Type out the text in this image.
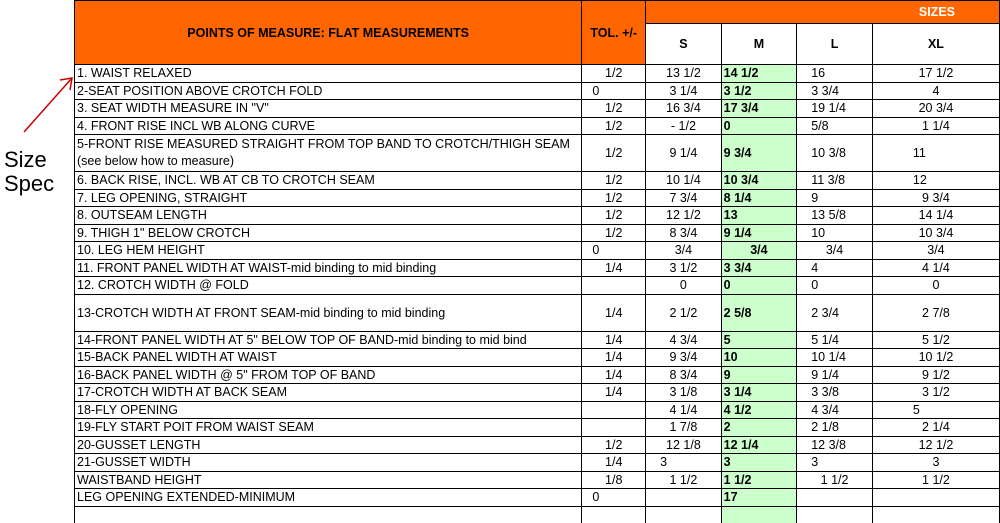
Size
Spec
POINTS OF MEASURE: FLAT MEASUREMENTS	TOL. +/-	SIZES			
		S	M	L	XL
1. WAIST RELAXED	1/2	13 1/2	14 1/2	16	17 1/2
2-SEAT POSITION ABOVE CROTCH FOLD	0	3 1/4	3 1/2	3 3/4	4
3. SEAT WIDTH MEASURE IN "V"	1/2	16 3/4	17 3/4	19 1/4	20 3/4
4. FRONT RISE INCL WB ALONG CURVE	1/2	- 1/2	0	5/8	1 1/4
5-FRONT RISE MEASURED STRAIGHT FROM TOP BAND TO CROTCH/THIGH SEAM (see below how to measure)	1/2	9 1/4	9 3/4	10 3/8	11
6. BACK RISE, INCL. WB AT CB TO CROTCH SEAM	1/2	10 1/4	10 3/4	11 3/8	12
7. LEG OPENING, STRAIGHT	1/2	7 3/4	8 1/4	9	9 3/4
8. OUTSEAM LENGTH	1/2	12 1/2	13	13 5/8	14 1/4
9. THIGH 1" BELOW CROTCH	1/2	8 3/4	9 1/4	10	10 3/4
10. LEG HEM HEIGHT	0	3/4	3/4	3/4	3/4
11. FRONT PANEL WIDTH AT WAIST-mid binding to mid binding	1/4	3 1/2	3 3/4	4	4 1/4
12. CROTCH WIDTH @ FOLD		0	0	0	0
13-CROTCH WIDTH AT FRONT SEAM-mid binding to mid binding	1/4	2 1/2	2 5/8	2 3/4	2 7/8
14-FRONT PANEL WIDTH AT 5" BELOW TOP OF BAND-mid binding to mid bind	1/4	4 3/4	5	5 1/4	5 1/2
15-BACK PANEL WIDTH AT WAIST	1/4	9 3/4	10	10 1/4	10 1/2
16-BACK PANEL WIDTH @ 5" FROM TOP OF BAND	1/4	8 3/4	9	9 1/4	9 1/2
17-CROTCH WIDTH AT BACK SEAM	1/4	3 1/8	3 1/4	3 3/8	3 1/2
18-FLY OPENING		4 1/4	4 1/2	4 3/4	5
19-FLY START POIT FROM WAIST SEAM		1 7/8	2	2 1/8	2 1/4
20-GUSSET LENGTH	1/2	12 1/8	12 1/4	12 3/8	12 1/2
21-GUSSET WIDTH	1/4	3	3	3	3
WAISTBAND HEIGHT	1/8	1 1/2	1 1/2	1 1/2	1 1/2
LEG OPENING EXTENDED-MINIMUM	0		17		
